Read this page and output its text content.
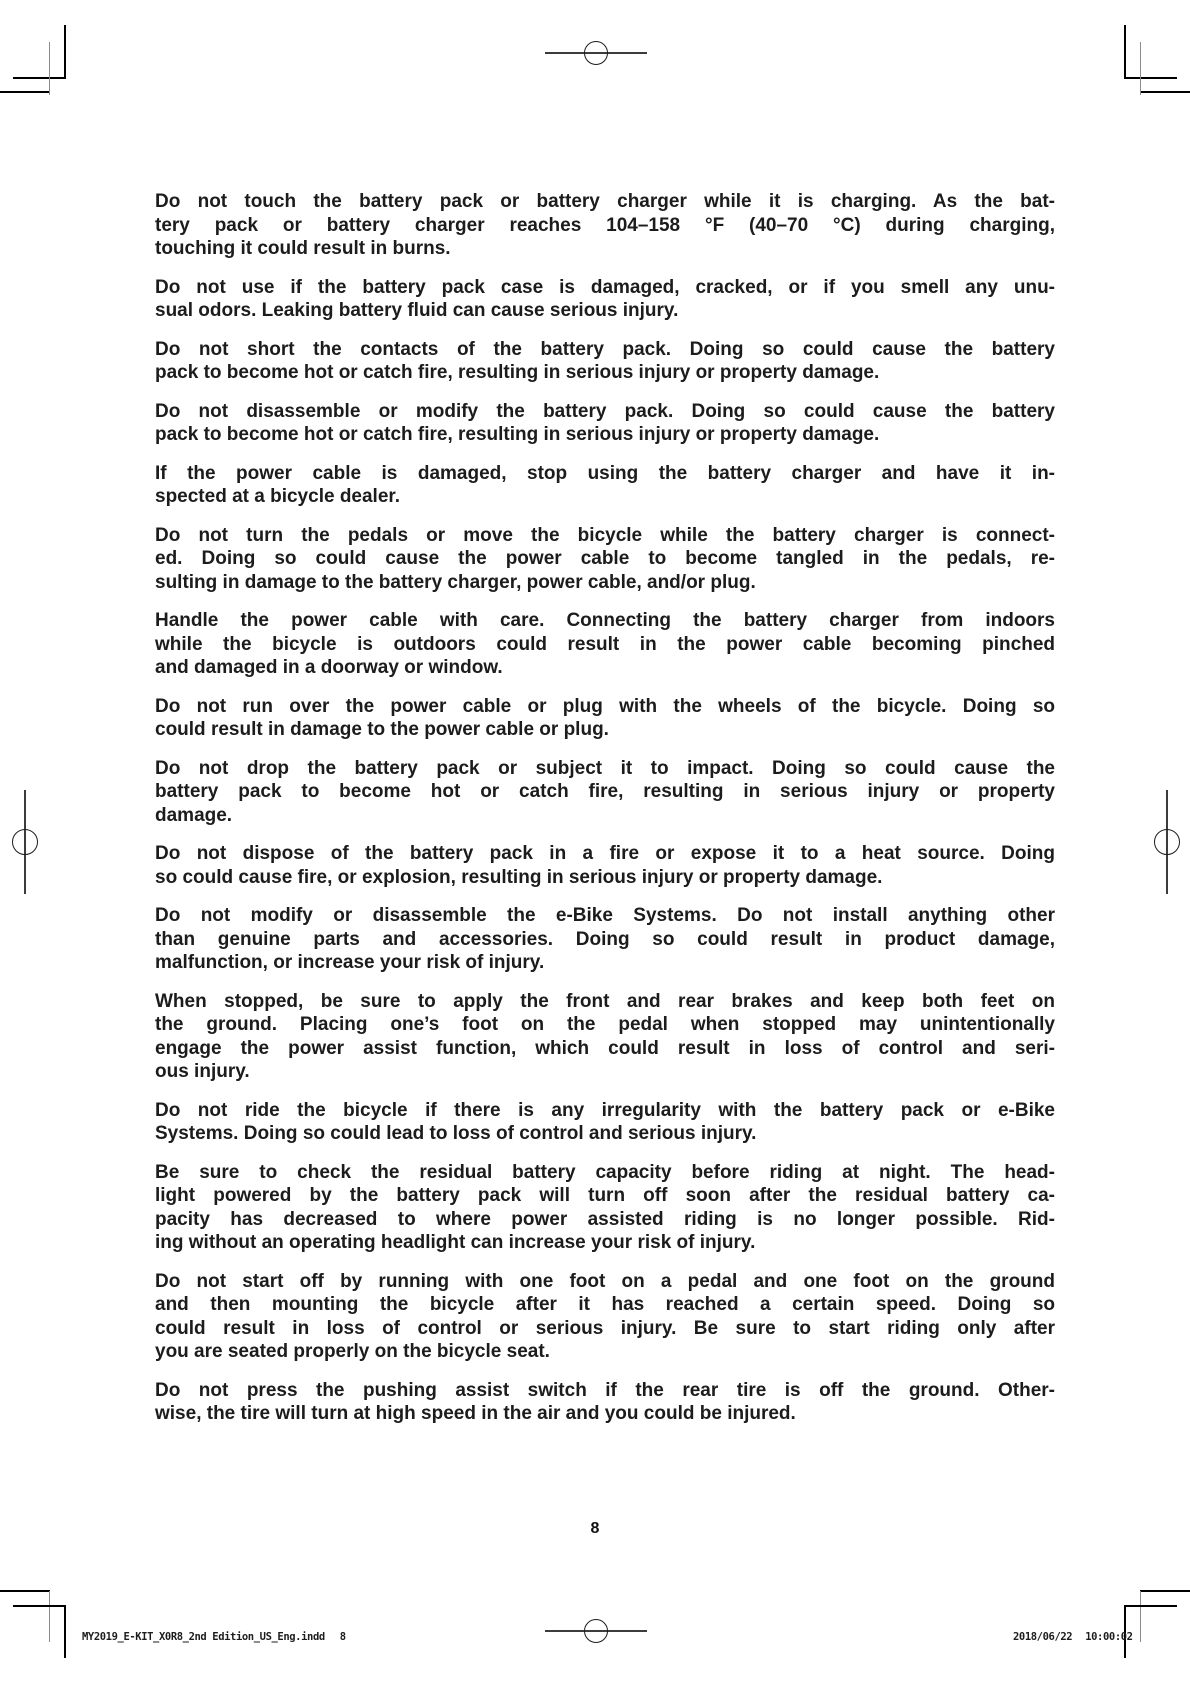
Do not touch the battery pack or battery charger while it is charging. As the bat-
tery pack or battery charger reaches 104–158 °F (40–70 °C) during charging,
touching it could result in burns.

Do not use if the battery pack case is damaged, cracked, or if you smell any unu-
sual odors. Leaking battery fluid can cause serious injury.

Do not short the contacts of the battery pack. Doing so could cause the battery
pack to become hot or catch fire, resulting in serious injury or property damage.

Do not disassemble or modify the battery pack. Doing so could cause the battery
pack to become hot or catch fire, resulting in serious injury or property damage.

If the power cable is damaged, stop using the battery charger and have it in-
spected at a bicycle dealer.

Do not turn the pedals or move the bicycle while the battery charger is connect-
ed. Doing so could cause the power cable to become tangled in the pedals, re-
sulting in damage to the battery charger, power cable, and/or plug.

Handle the power cable with care. Connecting the battery charger from indoors
while the bicycle is outdoors could result in the power cable becoming pinched
and damaged in a doorway or window.

Do not run over the power cable or plug with the wheels of the bicycle. Doing so
could result in damage to the power cable or plug.

Do not drop the battery pack or subject it to impact. Doing so could cause the
battery pack to become hot or catch fire, resulting in serious injury or property
damage.

Do not dispose of the battery pack in a fire or expose it to a heat source. Doing
so could cause fire, or explosion, resulting in serious injury or property damage.

Do not modify or disassemble the e-Bike Systems. Do not install anything other
than genuine parts and accessories. Doing so could result in product damage,
malfunction, or increase your risk of injury.

When stopped, be sure to apply the front and rear brakes and keep both feet on
the ground. Placing one’s foot on the pedal when stopped may unintentionally
engage the power assist function, which could result in loss of control and seri-
ous injury.

Do not ride the bicycle if there is any irregularity with the battery pack or e-Bike
Systems. Doing so could lead to loss of control and serious injury.

Be sure to check the residual battery capacity before riding at night. The head-
light powered by the battery pack will turn off soon after the residual battery ca-
pacity has decreased to where power assisted riding is no longer possible. Rid-
ing without an operating headlight can increase your risk of injury.

Do not start off by running with one foot on a pedal and one foot on the ground
and then mounting the bicycle after it has reached a certain speed. Doing so
could result in loss of control or serious injury. Be sure to start riding only after
you are seated properly on the bicycle seat.

Do not press the pushing assist switch if the rear tire is off the ground. Other-
wise, the tire will turn at high speed in the air and you could be injured.

8
MY2019_E-KIT_X0R8_2nd Edition_US_Eng.indd 8	2018/06/22 10:00:02
